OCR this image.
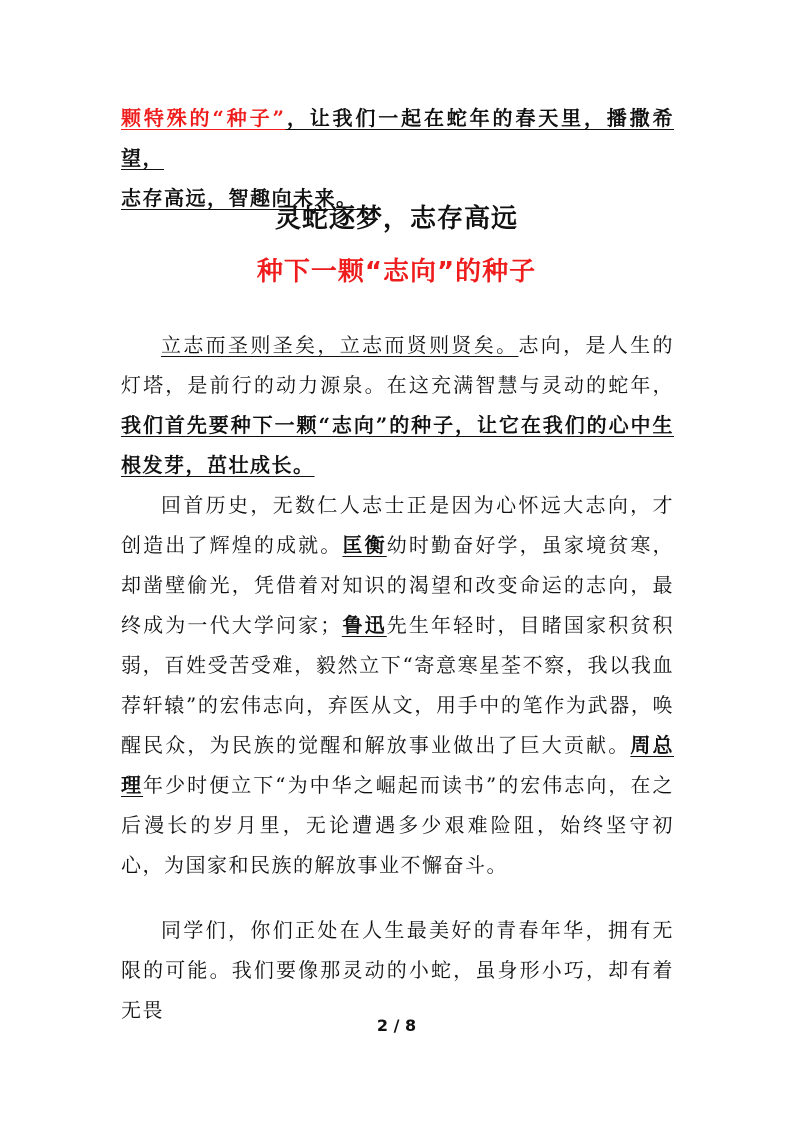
颗特殊的“种子”，让我们一起在蛇年的春天里，播撒希望，
志存高远，智趣向未来。
灵蛇逐梦，志存高远
种下一颗“志向”的种子
立志而圣则圣矣，立志而贤则贤矣。志向，是人生的灯塔，是前行的动力源泉。在这充满智慧与灵动的蛇年，我们首先要种下一颗“志向”的种子，让它在我们的心中生根发芽，茁壮成长。
回首历史，无数仁人志士正是因为心怀远大志向，才创造出了辉煌的成就。匡衡幼时勤奋好学，虽家境贫寒，却凿壁偷光，凭借着对知识的渴望和改变命运的志向，最终成为一代大学问家；鲁迅先生年轻时，目睹国家积贫积弱，百姓受苦受难，毅然立下“寄意寒星荃不察，我以我血荐轩辕”的宏伟志向，弃医从文，用手中的笔作为武器，唤醒民众，为民族的觉醒和解放事业做出了巨大贡献。周总理年少时便立下“为中华之崛起而读书”的宏伟志向，在之后漫长的岁月里，无论遭遇多少艰难险阻，始终坚守初心，为国家和民族的解放事业不懈奋斗。
同学们，你们正处在人生最美好的青春年华，拥有无限的可能。我们要像那灵动的小蛇，虽身形小巧，却有着无畏
2 / 8
